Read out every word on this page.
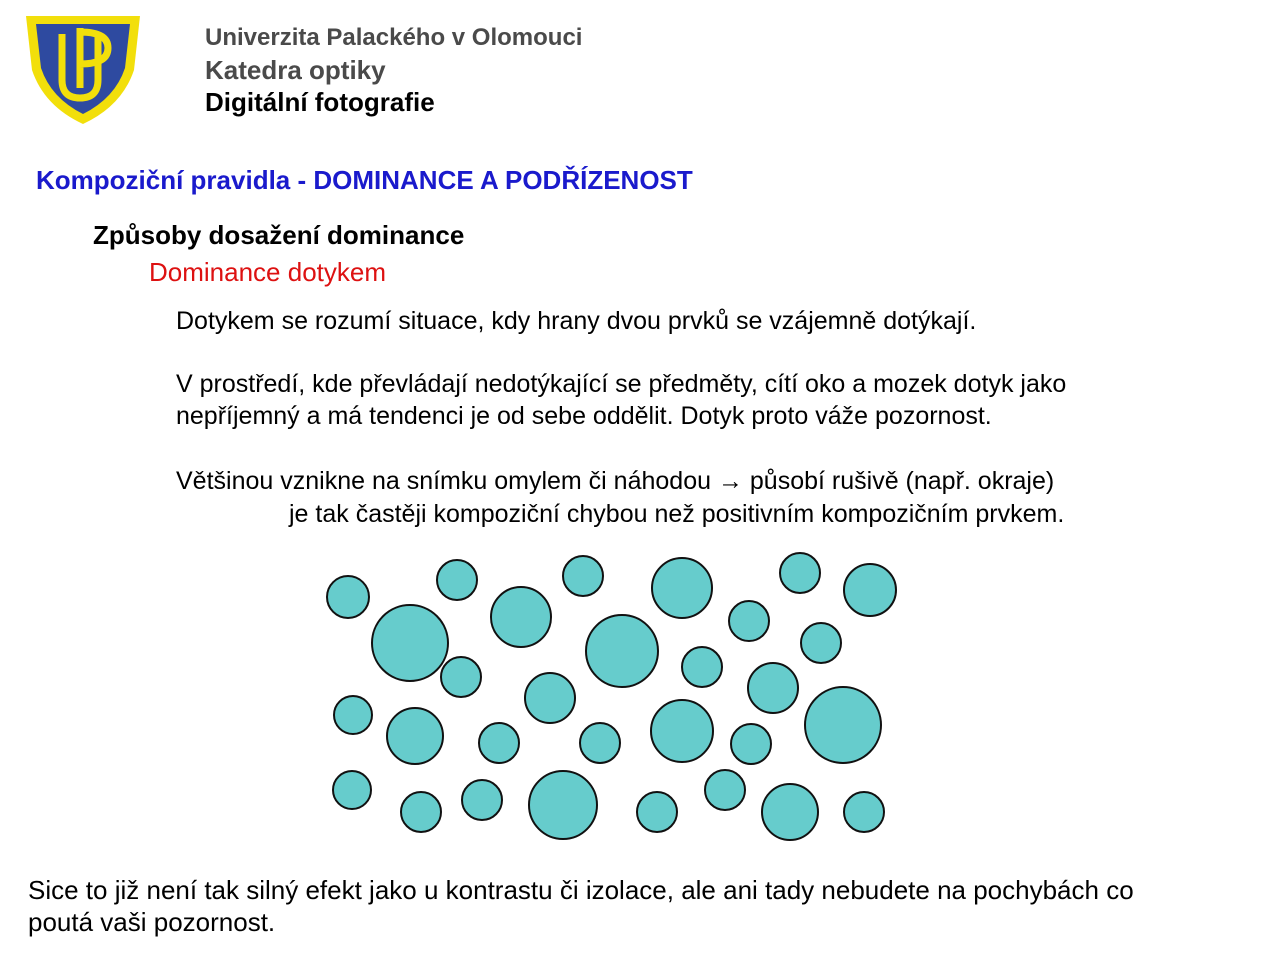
Univerzita Palackého v Olomouci
Katedra optiky
Digitální fotografie
Kompoziční pravidla - DOMINANCE A PODŘÍZENOST
Způsoby dosažení dominance
Dominance dotykem
Dotykem se rozumí situace, kdy hrany dvou prvků se vzájemně dotýkají.
V prostředí, kde převládají nedotýkající se předměty, cítí oko a mozek dotyk jako
nepříjemný a má tendenci je od sebe oddělit. Dotyk proto váže pozornost.
Většinou vznikne na snímku omylem či náhodou → působí rušivě (např. okraje)
je tak častěji kompoziční chybou než positivním kompozičním prvkem.
Sice to již není tak silný efekt jako u kontrastu či izolace, ale ani tady nebudete na pochybách co
poutá vaši pozornost.
